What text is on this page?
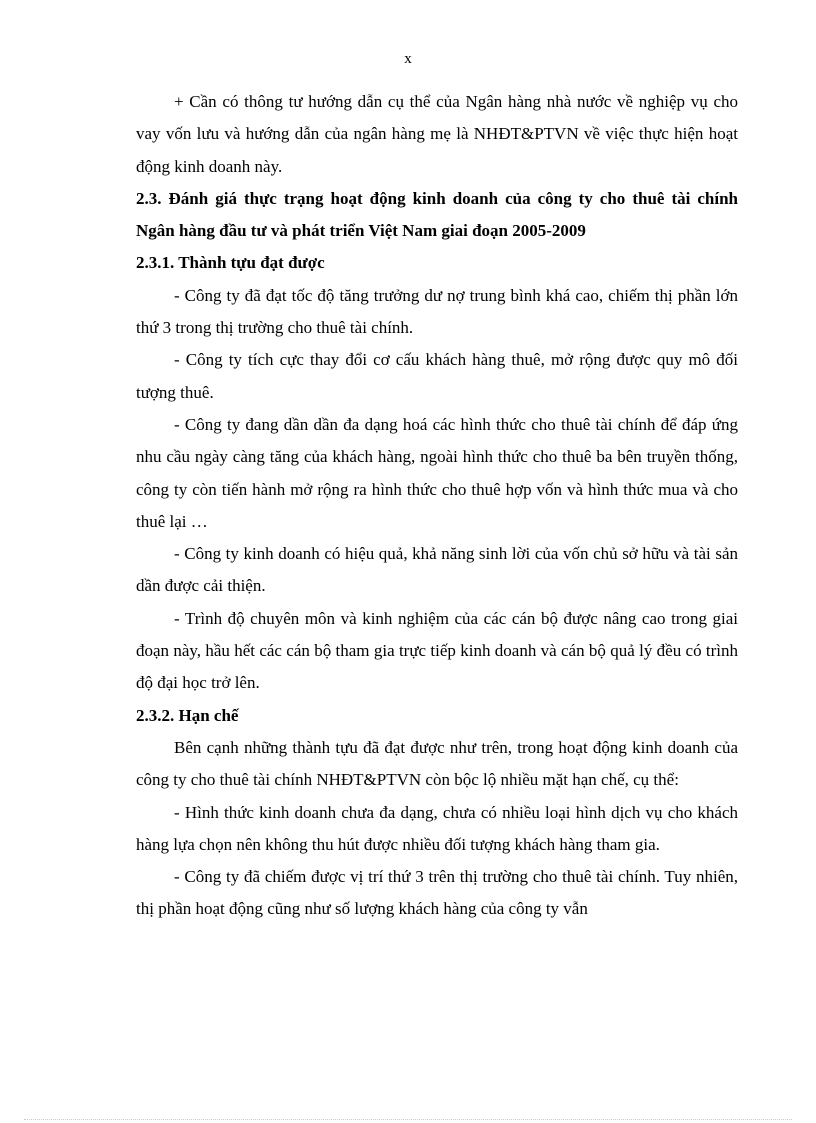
x

+ Cần có thông tư hướng dẫn cụ thể của Ngân hàng nhà nước về nghiệp vụ cho vay vốn lưu và hướng dẫn của ngân hàng mẹ là NHĐT&PTVN về việc thực hiện hoạt động kinh doanh này.

2.3. Đánh giá thực trạng hoạt động kinh doanh của công ty cho thuê tài chính Ngân hàng đầu tư và phát triển Việt Nam giai đoạn 2005-2009

2.3.1. Thành tựu đạt được

- Công ty đã đạt tốc độ tăng trưởng dư nợ trung bình khá cao, chiếm thị phần lớn thứ 3 trong thị trường cho thuê tài chính.

- Công ty tích cực thay đổi cơ cấu khách hàng thuê, mở rộng được quy mô đối tượng thuê.

- Công ty đang dần dần đa dạng hoá các hình thức cho thuê tài chính để đáp ứng nhu cầu ngày càng tăng của khách hàng, ngoài hình thức cho thuê ba bên truyền thống, công ty còn tiến hành mở rộng ra hình thức cho thuê hợp vốn và hình thức mua và cho thuê lại …

- Công ty kinh doanh có hiệu quả, khả năng sinh lời của vốn chủ sở hữu và tài sản dần được cải thiện.

- Trình độ chuyên môn và kinh nghiệm của các cán bộ được nâng cao trong giai đoạn này, hầu hết các cán bộ tham gia trực tiếp kinh doanh và cán bộ quả lý đều có trình độ đại học trở lên.

2.3.2. Hạn chế

Bên cạnh những thành tựu đã đạt được như trên, trong hoạt động kinh doanh của công ty cho thuê tài chính NHĐT&PTVN còn bộc lộ nhiều mặt hạn chế, cụ thể:

- Hình thức kinh doanh chưa đa dạng, chưa có nhiều loại hình dịch vụ cho khách hàng lựa chọn nên không thu hút được nhiều đối tượng khách hàng tham gia.

- Công ty đã chiếm được vị trí thứ 3 trên thị trường cho thuê tài chính. Tuy nhiên, thị phần hoạt động cũng như số lượng khách hàng của công ty vẫn
